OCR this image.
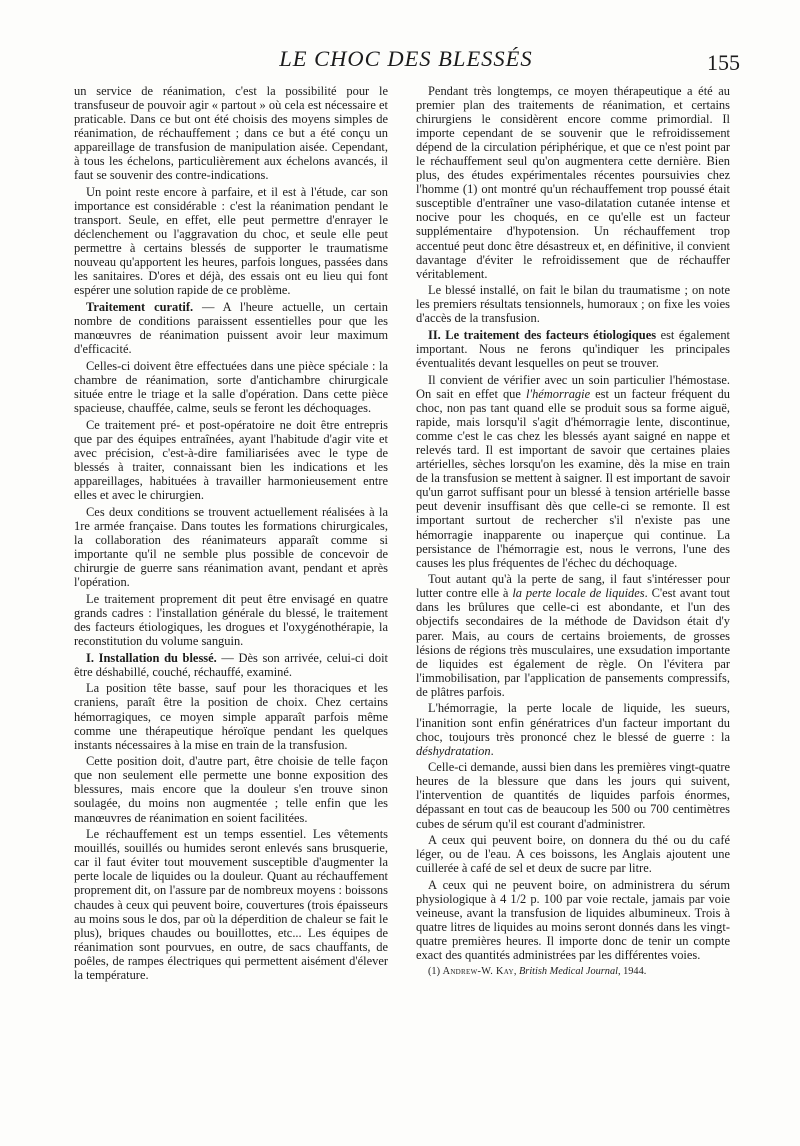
LE CHOC DES BLESSÉS	155

un service de réanimation, c'est la possibilité pour le transfuseur de pouvoir agir « partout » où cela est nécessaire et praticable. Dans ce but ont été choisis des moyens simples de réanimation, de réchauffement ; dans ce but a été conçu un appareillage de transfusion de manipulation aisée. Cependant, à tous les échelons, particulièrement aux échelons avancés, il faut se souvenir des contre-indications.

Un point reste encore à parfaire, et il est à l'étude, car son importance est considérable : c'est la réanimation pendant le transport. Seule, en effet, elle peut permettre d'enrayer le déclenchement ou l'aggravation du choc, et seule elle peut permettre à certains blessés de supporter le traumatisme nouveau qu'apportent les heures, parfois longues, passées dans les sanitaires. D'ores et déjà, des essais ont eu lieu qui font espérer une solution rapide de ce problème.

Traitement curatif. — A l'heure actuelle, un certain nombre de conditions paraissent essentielles pour que les manœuvres de réanimation puissent avoir leur maximum d'efficacité.

Celles-ci doivent être effectuées dans une pièce spéciale : la chambre de réanimation, sorte d'antichambre chirurgicale située entre le triage et la salle d'opération. Dans cette pièce spacieuse, chauffée, calme, seuls se feront les déchoquages.

Ce traitement pré- et post-opératoire ne doit être entrepris que par des équipes entraînées, ayant l'habitude d'agir vite et avec précision, c'est-à-dire familiarisées avec le type de blessés à traiter, connaissant bien les indications et les appareillages, habituées à travailler harmonieusement entre elles et avec le chirurgien.

Ces deux conditions se trouvent actuellement réalisées à la 1re armée française. Dans toutes les formations chirurgicales, la collaboration des réanimateurs apparaît comme si importante qu'il ne semble plus possible de concevoir de chirurgie de guerre sans réanimation avant, pendant et après l'opération.

Le traitement proprement dit peut être envisagé en quatre grands cadres : l'installation générale du blessé, le traitement des facteurs étiologiques, les drogues et l'oxygénothérapie, la reconstitution du volume sanguin.

I. Installation du blessé. — Dès son arrivée, celui-ci doit être déshabillé, couché, réchauffé, examiné.

La position tête basse, sauf pour les thoraciques et les craniens, paraît être la position de choix. Chez certains hémorragiques, ce moyen simple apparaît parfois même comme une thérapeutique héroïque pendant les quelques instants nécessaires à la mise en train de la transfusion.

Cette position doit, d'autre part, être choisie de telle façon que non seulement elle permette une bonne exposition des blessures, mais encore que la douleur s'en trouve sinon soulagée, du moins non augmentée ; telle enfin que les manœuvres de réanimation en soient facilitées.

Le réchauffement est un temps essentiel. Les vêtements mouillés, souillés ou humides seront enlevés sans brusquerie, car il faut éviter tout mouvement susceptible d'augmenter la perte locale de liquides ou la douleur. Quant au réchauffement proprement dit, on l'assure par de nombreux moyens : boissons chaudes à ceux qui peuvent boire, couvertures (trois épaisseurs au moins sous le dos, par où la déperdition de chaleur se fait le plus), briques chaudes ou bouillottes, etc... Les équipes de réanimation sont pourvues, en outre, de sacs chauffants, de poêles, de rampes électriques qui permettent aisément d'élever la température.

Pendant très longtemps, ce moyen thérapeutique a été au premier plan des traitements de réanimation, et certains chirurgiens le considèrent encore comme primordial. Il importe cependant de se souvenir que le refroidissement dépend de la circulation périphérique, et que ce n'est point par le réchauffement seul qu'on augmentera cette dernière. Bien plus, des études expérimentales récentes poursuivies chez l'homme (1) ont montré qu'un réchauffement trop poussé était susceptible d'entraîner une vaso-dilatation cutanée intense et nocive pour les choqués, en ce qu'elle est un facteur supplémentaire d'hypotension. Un réchauffement trop accentué peut donc être désastreux et, en définitive, il convient davantage d'éviter le refroidissement que de réchauffer véritablement.

Le blessé installé, on fait le bilan du traumatisme ; on note les premiers résultats tensionnels, humoraux ; on fixe les voies d'accès de la transfusion.

II. Le traitement des facteurs étiologiques est également important. Nous ne ferons qu'indiquer les principales éventualités devant lesquelles on peut se trouver.

Il convient de vérifier avec un soin particulier l'hémostase. On sait en effet que l'hémorragie est un facteur fréquent du choc, non pas tant quand elle se produit sous sa forme aiguë, rapide, mais lorsqu'il s'agit d'hémorragie lente, discontinue, comme c'est le cas chez les blessés ayant saigné en nappe et relevés tard. Il est important de savoir que certaines plaies artérielles, sèches lorsqu'on les examine, dès la mise en train de la transfusion se mettent à saigner. Il est important de savoir qu'un garrot suffisant pour un blessé à tension artérielle basse peut devenir insuffisant dès que celle-ci se remonte. Il est important surtout de rechercher s'il n'existe pas une hémorragie inapparente ou inaperçue qui continue. La persistance de l'hémorragie est, nous le verrons, l'une des causes les plus fréquentes de l'échec du déchoquage.

Tout autant qu'à la perte de sang, il faut s'intéresser pour lutter contre elle à la perte locale de liquides. C'est avant tout dans les brûlures que celle-ci est abondante, et l'un des objectifs secondaires de la méthode de Davidson était d'y parer. Mais, au cours de certains broiements, de grosses lésions de régions très musculaires, une exsudation importante de liquides est également de règle. On l'évitera par l'immobilisation, par l'application de pansements compressifs, de plâtres parfois.

L'hémorragie, la perte locale de liquide, les sueurs, l'inanition sont enfin génératrices d'un facteur important du choc, toujours très prononcé chez le blessé de guerre : la déshydratation.

Celle-ci demande, aussi bien dans les premières vingt-quatre heures de la blessure que dans les jours qui suivent, l'intervention de quantités de liquides parfois énormes, dépassant en tout cas de beaucoup les 500 ou 700 centimètres cubes de sérum qu'il est courant d'administrer.

A ceux qui peuvent boire, on donnera du thé ou du café léger, ou de l'eau. A ces boissons, les Anglais ajoutent une cuillerée à café de sel et deux de sucre par litre.

A ceux qui ne peuvent boire, on administrera du sérum physiologique à 4 1/2 p. 100 par voie rectale, jamais par voie veineuse, avant la transfusion de liquides albumineux. Trois à quatre litres de liquides au moins seront donnés dans les vingt-quatre premières heures. Il importe donc de tenir un compte exact des quantités administrées par les différentes voies.

(1) Andrew-W. Kay, British Medical Journal, 1944.
